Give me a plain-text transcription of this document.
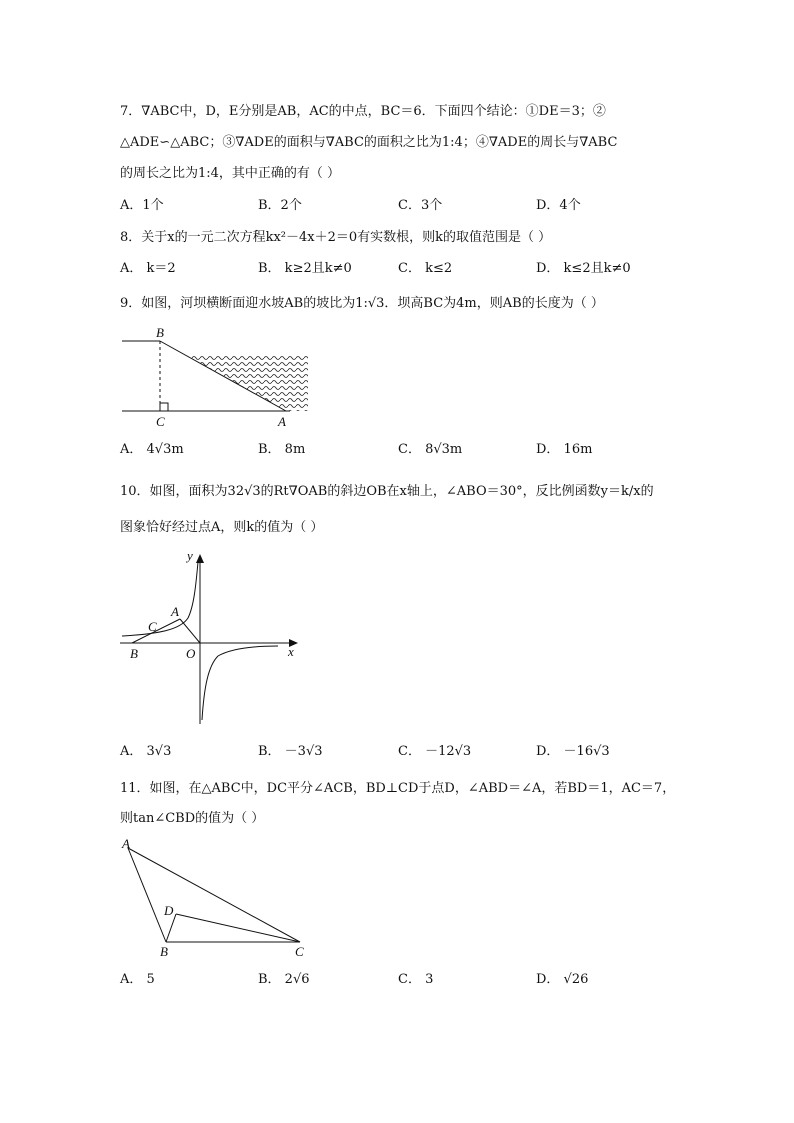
7．∇ABC中，D，E分别是AB，AC的中点，BC＝6．下面四个结论：①DE＝3；②
△ADE∽△ABC；③∇ADE的面积与∇ABC的面积之比为1:4；④∇ADE的周长与∇ABC
的周长之比为1:4，其中正确的有（ ）
A．1个	B．2个	C．3个	D．4个
8．关于x的一元二次方程kx²－4x＋2＝0有实数根，则k的取值范围是（ ）
A． k＝2	B． k≥2且k≠0	C． k≤2	D． k≤2且k≠0
9．如图，河坝横断面迎水坡AB的坡比为1:√3．坝高BC为4m，则AB的长度为（ ）
B
C	A
A． 4√3m	B． 8m	C． 8√3m	D． 16m
10．如图，面积为32√3的Rt∇OAB的斜边OB在x轴上，∠ABO＝30°，反比例函数y＝k/x的
图象恰好经过点A，则k的值为（ ）
y
A
C
B	O	x
A． 3√3	B． －3√3	C． －12√3	D． －16√3
11．如图，在△ABC中，DC平分∠ACB，BD⊥CD于点D，∠ABD＝∠A，若BD＝1，AC＝7，
则tan∠CBD的值为（ ）
A
D
B	C
A． 5	B． 2√6	C． 3	D． √26
